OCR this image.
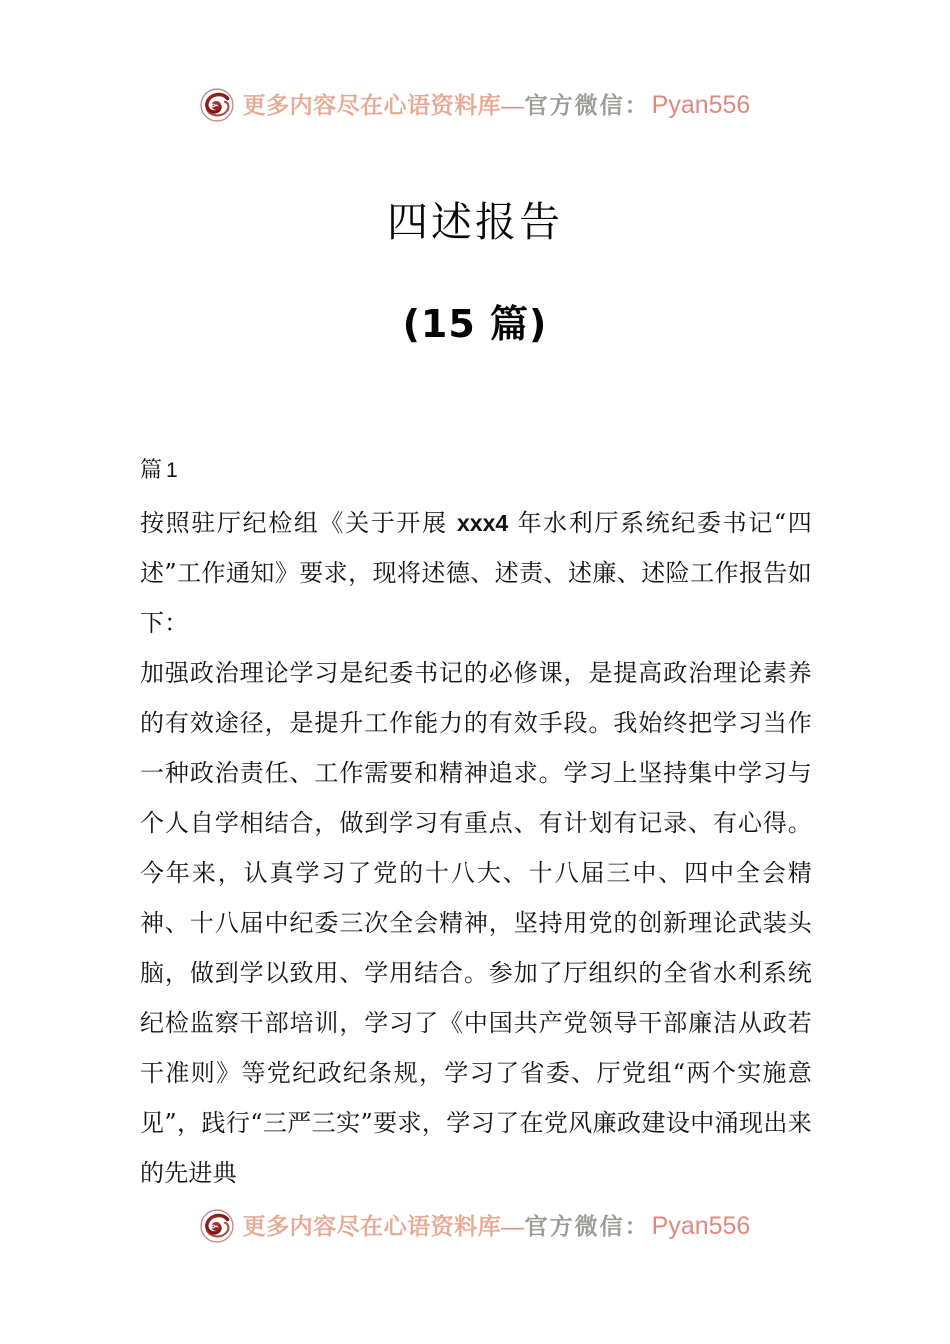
更多内容尽在心语资料库—官方微信：Pyan556
四述报告
(15 篇)
篇 1

按照驻厅纪检组《关于开展 xxx4 年水利厅系统纪委书记“四述”工作通知》要求，现将述德、述责、述廉、述险工作报告如下：

加强政治理论学习是纪委书记的必修课，是提高政治理论素养的有效途径，是提升工作能力的有效手段。我始终把学习当作一种政治责任、工作需要和精神追求。学习上坚持集中学习与个人自学相结合，做到学习有重点、有计划有记录、有心得。今年来，认真学习了党的十八大、十八届三中、四中全会精神、十八届中纪委三次全会精神，坚持用党的创新理论武装头脑，做到学以致用、学用结合。参加了厅组织的全省水利系统纪检监察干部培训，学习了《中国共产党领导干部廉洁从政若干准则》等党纪政纪条规，学习了省委、厅党组“两个实施意见”，践行“三严三实”要求，学习了在党风廉政建设中涌现出来的先进典

更多内容尽在心语资料库—官方微信：Pyan556
